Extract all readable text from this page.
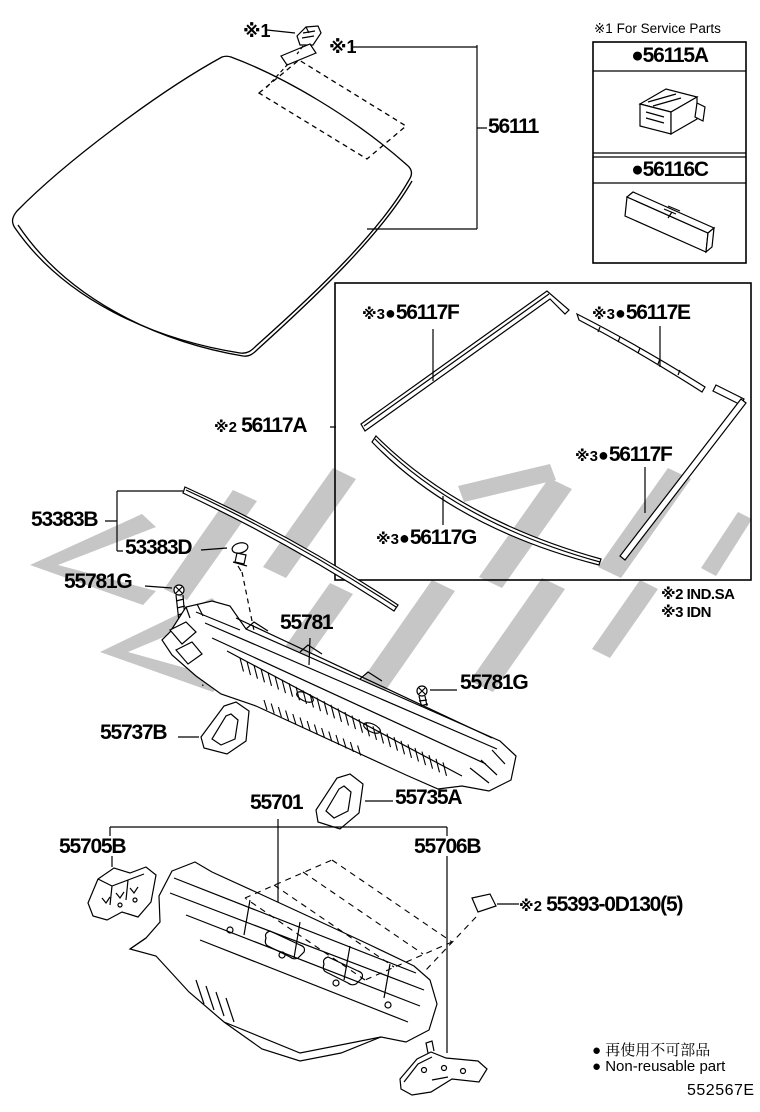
※1 For Service Parts
●56115A
●56116C
※1
※1
56111
※2 56117A
※3●56117F	※3●56117E
※3●56117F
※3●56117G
※2 IND.SA
※3 IDN
53383B
53383D
55781G
55781
55781G
55737B
55735A
55701
55705B	55706B
※2 55393-0D130(5)
● 再使用不可部品
● Non-reusable part
552567E
